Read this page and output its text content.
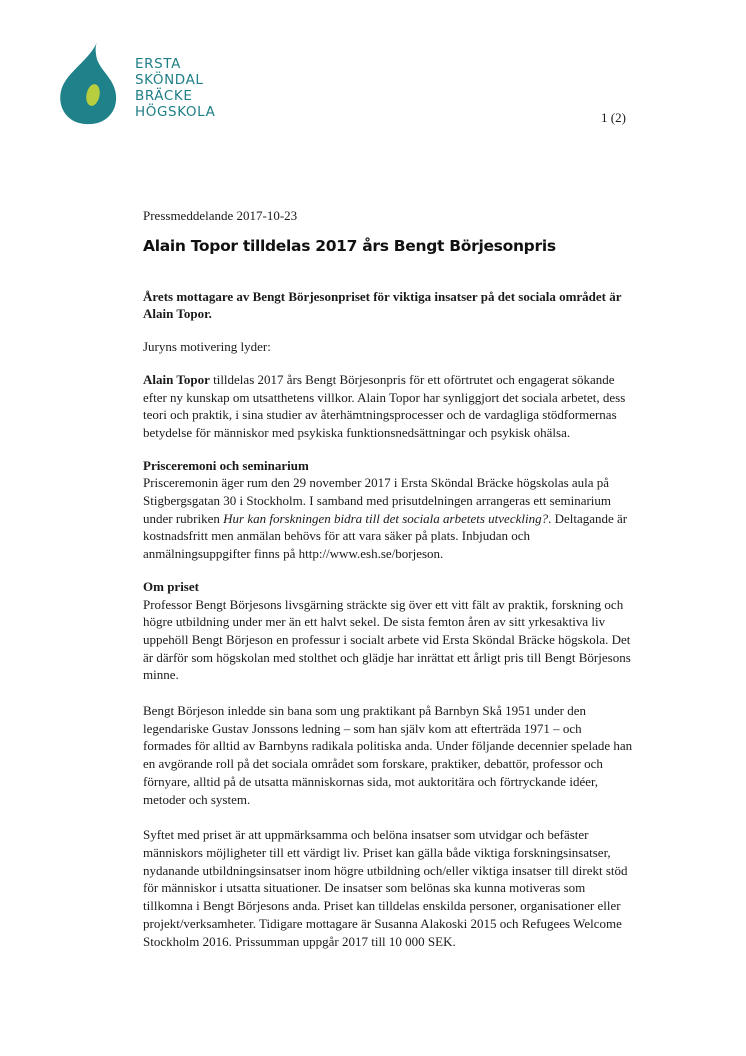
ERSTA
SKÖNDAL
BRÄCKE
HÖGSKOLA	1 (2)

Pressmeddelande 2017-10-23

Alain Topor tilldelas 2017 års Bengt Börjesonpris

Årets mottagare av Bengt Börjesonpriset för viktiga insatser på det sociala området är Alain Topor.

Juryns motivering lyder:

Alain Topor tilldelas 2017 års Bengt Börjesonpris för ett oförtrutet och engagerat sökande efter ny kunskap om utsatthetens villkor. Alain Topor har synliggjort det sociala arbetet, dess teori och praktik, i sina studier av återhämtningsprocesser och de vardagliga stödformernas betydelse för människor med psykiska funktionsnedsättningar och psykisk ohälsa.

Prisceremoni och seminarium

Prisceremonin äger rum den 29 november 2017 i Ersta Sköndal Bräcke högskolas aula på Stigbergsgatan 30 i Stockholm. I samband med prisutdelningen arrangeras ett seminarium under rubriken Hur kan forskningen bidra till det sociala arbetets utveckling?. Deltagande är kostnadsfritt men anmälan behövs för att vara säker på plats. Inbjudan och anmälningsuppgifter finns på http://www.esh.se/borjeson.

Om priset

Professor Bengt Börjesons livsgärning sträckte sig över ett vitt fält av praktik, forskning och högre utbildning under mer än ett halvt sekel. De sista femton åren av sitt yrkesaktiva liv uppehöll Bengt Börjeson en professur i socialt arbete vid Ersta Sköndal Bräcke högskola. Det är därför som högskolan med stolthet och glädje har inrättat ett årligt pris till Bengt Börjesons minne.

Bengt Börjeson inledde sin bana som ung praktikant på Barnbyn Skå 1951 under den legendariske Gustav Jonssons ledning – som han själv kom att efterträda 1971 – och formades för alltid av Barnbyns radikala politiska anda. Under följande decennier spelade han en avgörande roll på det sociala området som forskare, praktiker, debattör, professor och förnyare, alltid på de utsatta människornas sida, mot auktoritära och förtryckande idéer, metoder och system.

Syftet med priset är att uppmärksamma och belöna insatser som utvidgar och befäster människors möjligheter till ett värdigt liv. Priset kan gälla både viktiga forskningsinsatser, nydanande utbildningsinsatser inom högre utbildning och/eller viktiga insatser till direkt stöd för människor i utsatta situationer. De insatser som belönas ska kunna motiveras som tillkomna i Bengt Börjesons anda. Priset kan tilldelas enskilda personer, organisationer eller projekt/verksamheter. Tidigare mottagare är Susanna Alakoski 2015 och Refugees Welcome Stockholm 2016. Prissumman uppgår 2017 till 10 000 SEK.
